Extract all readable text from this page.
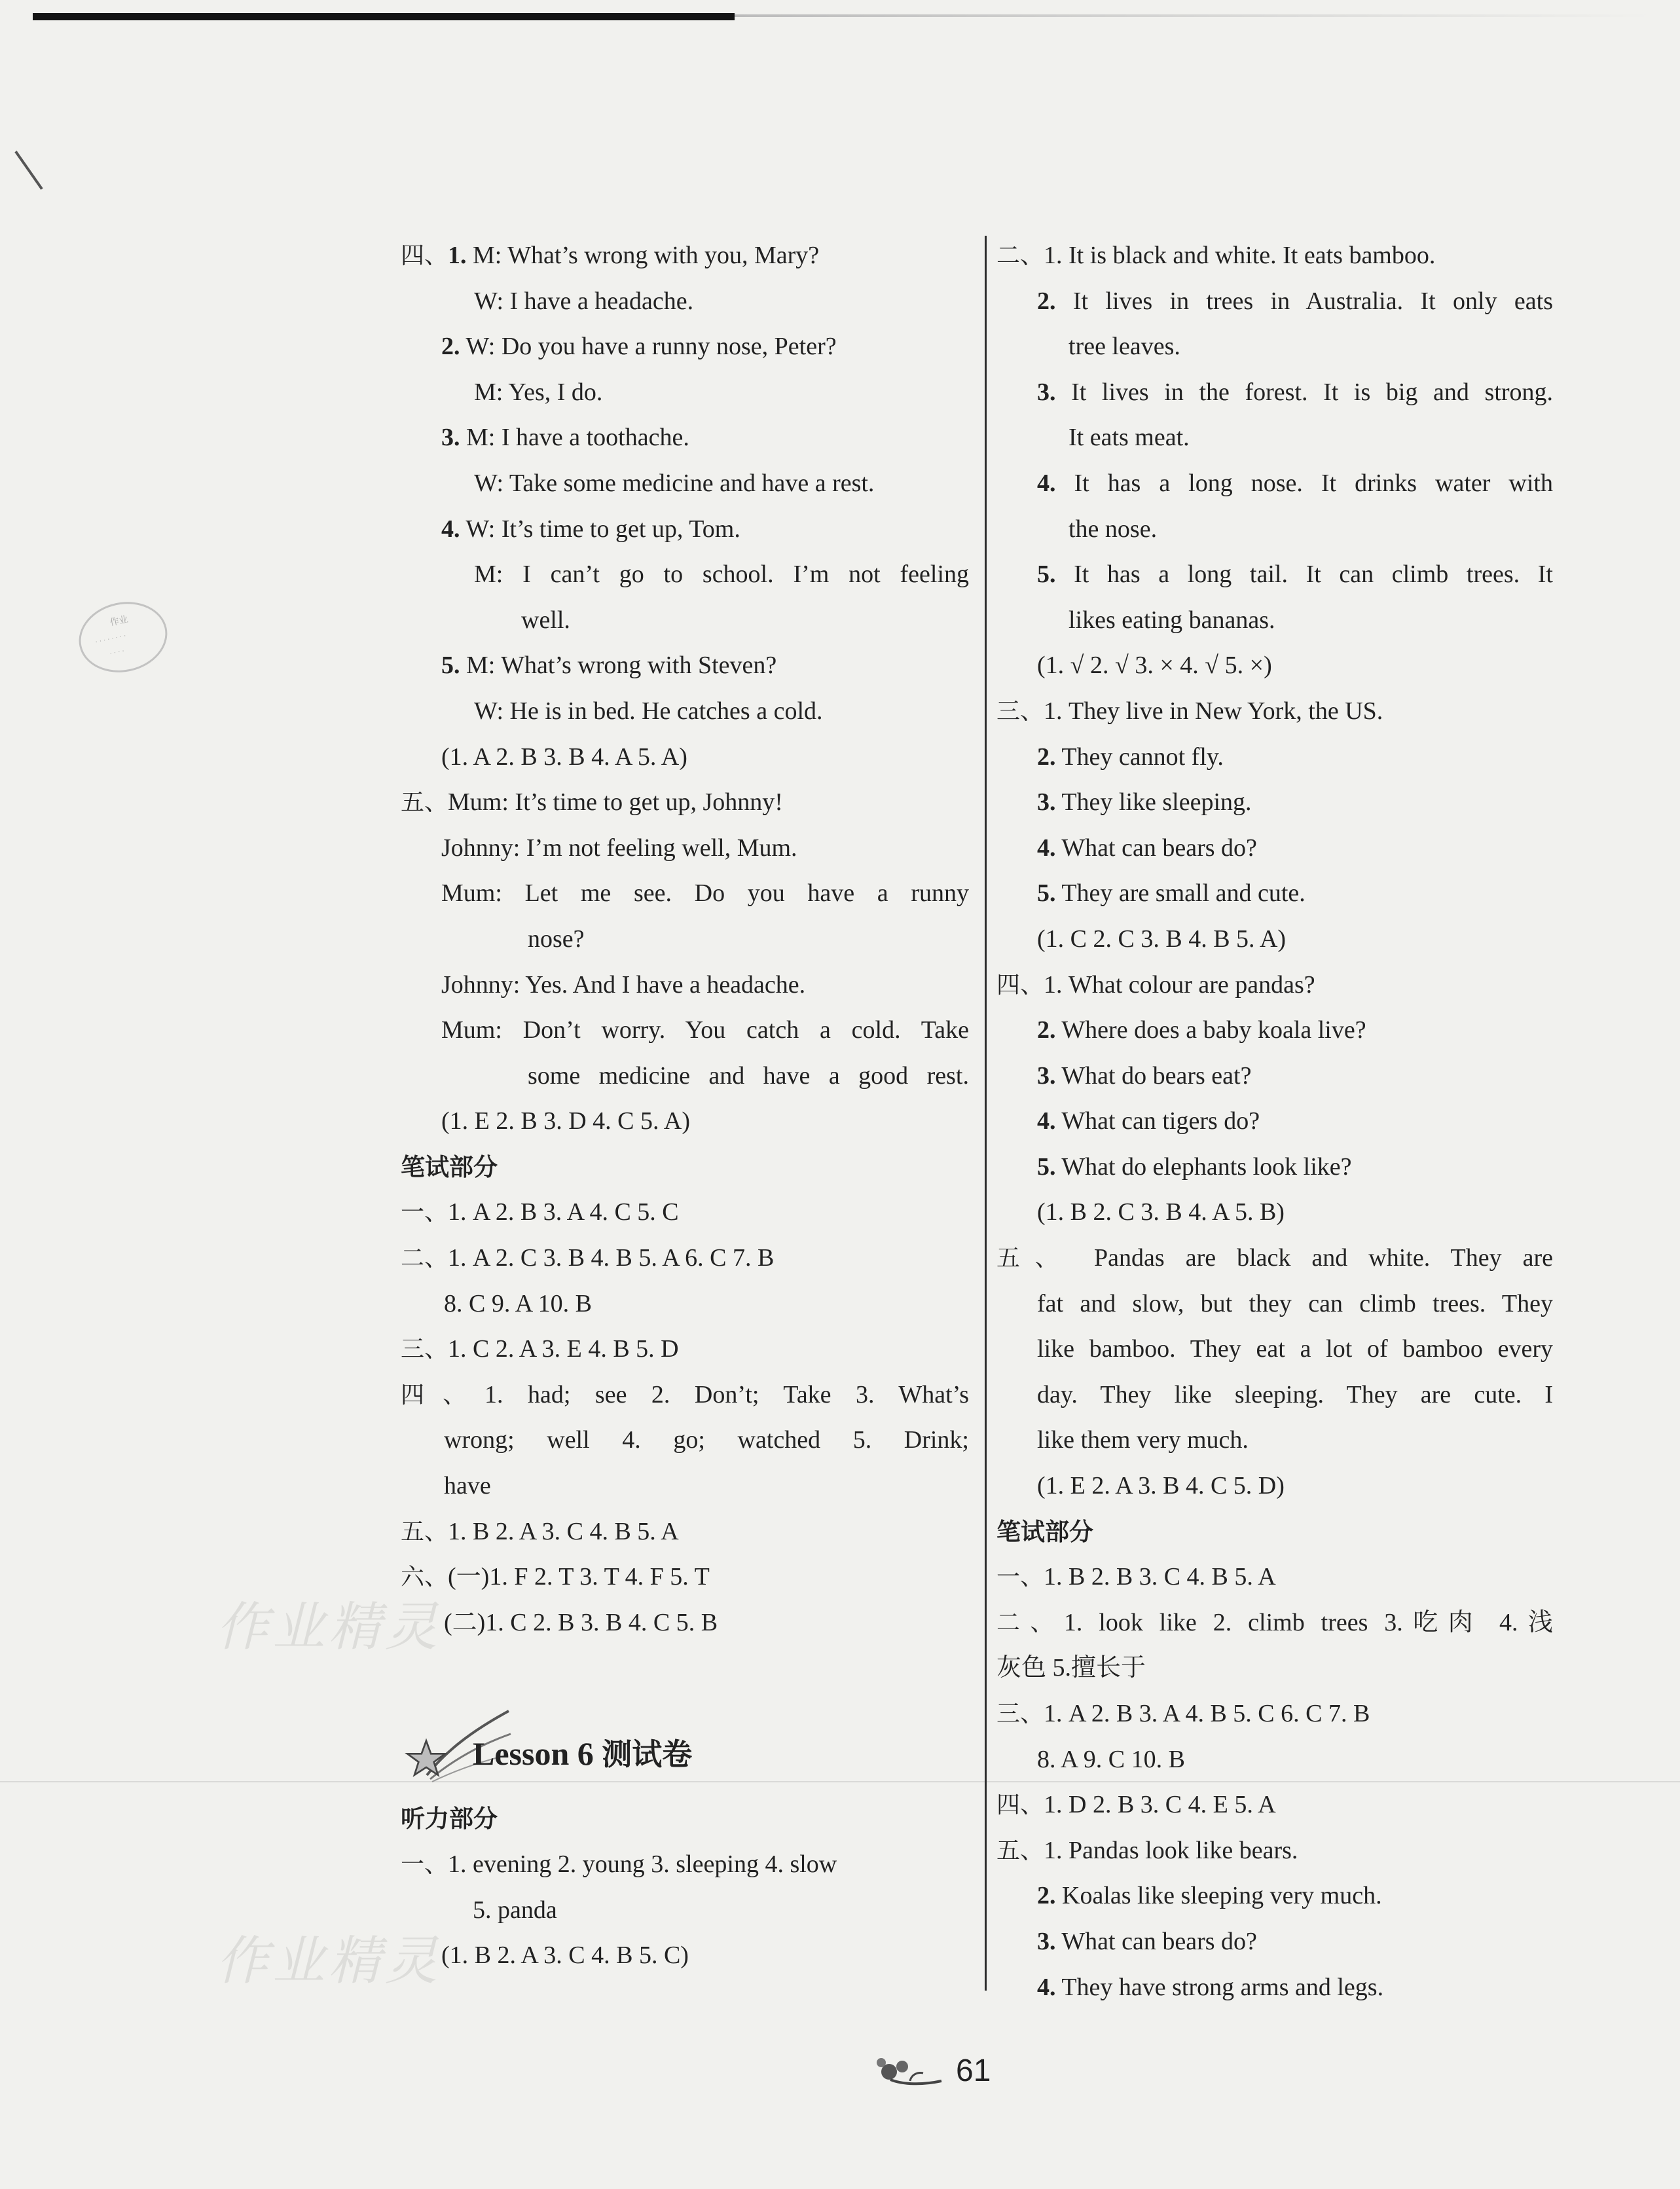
作业
· · · · · · · ·
· · · ·
作业精灵
作业精灵
四、1. M: What’s wrong with you, Mary?
W: I have a headache.
2. W: Do you have a runny nose, Peter?
M: Yes, I do.
3. M: I have a toothache.
W: Take some medicine and have a rest.
4. W: It’s time to get up, Tom.
M: I can’t go to school. I’m not feeling
well.
5. M: What’s wrong with Steven?
W: He is in bed. He catches a cold.
(1. A 2. B 3. B 4. A 5. A)
五、Mum: It’s time to get up, Johnny!
Johnny: I’m not feeling well, Mum.
Mum: Let me see. Do you have a runny
nose?
Johnny: Yes. And I have a headache.
Mum: Don’t worry. You catch a cold. Take
some medicine and have a good rest.
(1. E 2. B 3. D 4. C 5. A)
笔试部分
一、1. A 2. B 3. A 4. C 5. C
二、1. A 2. C 3. B 4. B 5. A 6. C 7. B
8. C 9. A 10. B
三、1. C 2. A 3. E 4. B 5. D
四、1. had; see 2. Don’t; Take 3. What’s
wrong; well 4. go; watched 5. Drink;
have
五、1. B 2. A 3. C 4. B 5. A
六、(一)1. F 2. T 3. T 4. F 5. T
(二)1. C 2. B 3. B 4. C 5. B
Lesson 6 测试卷
听力部分
一、1. evening 2. young 3. sleeping 4. slow
5. panda
(1. B 2. A 3. C 4. B 5. C)
二、1. It is black and white. It eats bamboo.
2. It lives in trees in Australia. It only eats
tree leaves.
3. It lives in the forest. It is big and strong.
It eats meat.
4. It has a long nose. It drinks water with
the nose.
5. It has a long tail. It can climb trees. It
likes eating bananas.
(1. √ 2. √ 3. × 4. √ 5. ×)
三、1. They live in New York, the US.
2. They cannot fly.
3. They like sleeping.
4. What can bears do?
5. They are small and cute.
(1. C 2. C 3. B 4. B 5. A)
四、1. What colour are pandas?
2. Where does a baby koala live?
3. What do bears eat?
4. What can tigers do?
5. What do elephants look like?
(1. B 2. C 3. B 4. A 5. B)
五、 Pandas are black and white. They are
fat and slow, but they can climb trees. They
like bamboo. They eat a lot of bamboo every
day. They like sleeping. They are cute. I
like them very much.
(1. E 2. A 3. B 4. C 5. D)
笔试部分
一、1. B 2. B 3. C 4. B 5. A
二、1. look like 2. climb trees 3.吃肉 4.浅
灰色 5.擅长于
三、1. A 2. B 3. A 4. B 5. C 6. C 7. B
8. A 9. C 10. B
四、1. D 2. B 3. C 4. E 5. A
五、1. Pandas look like bears.
2. Koalas like sleeping very much.
3. What can bears do?
4. They have strong arms and legs.
61
